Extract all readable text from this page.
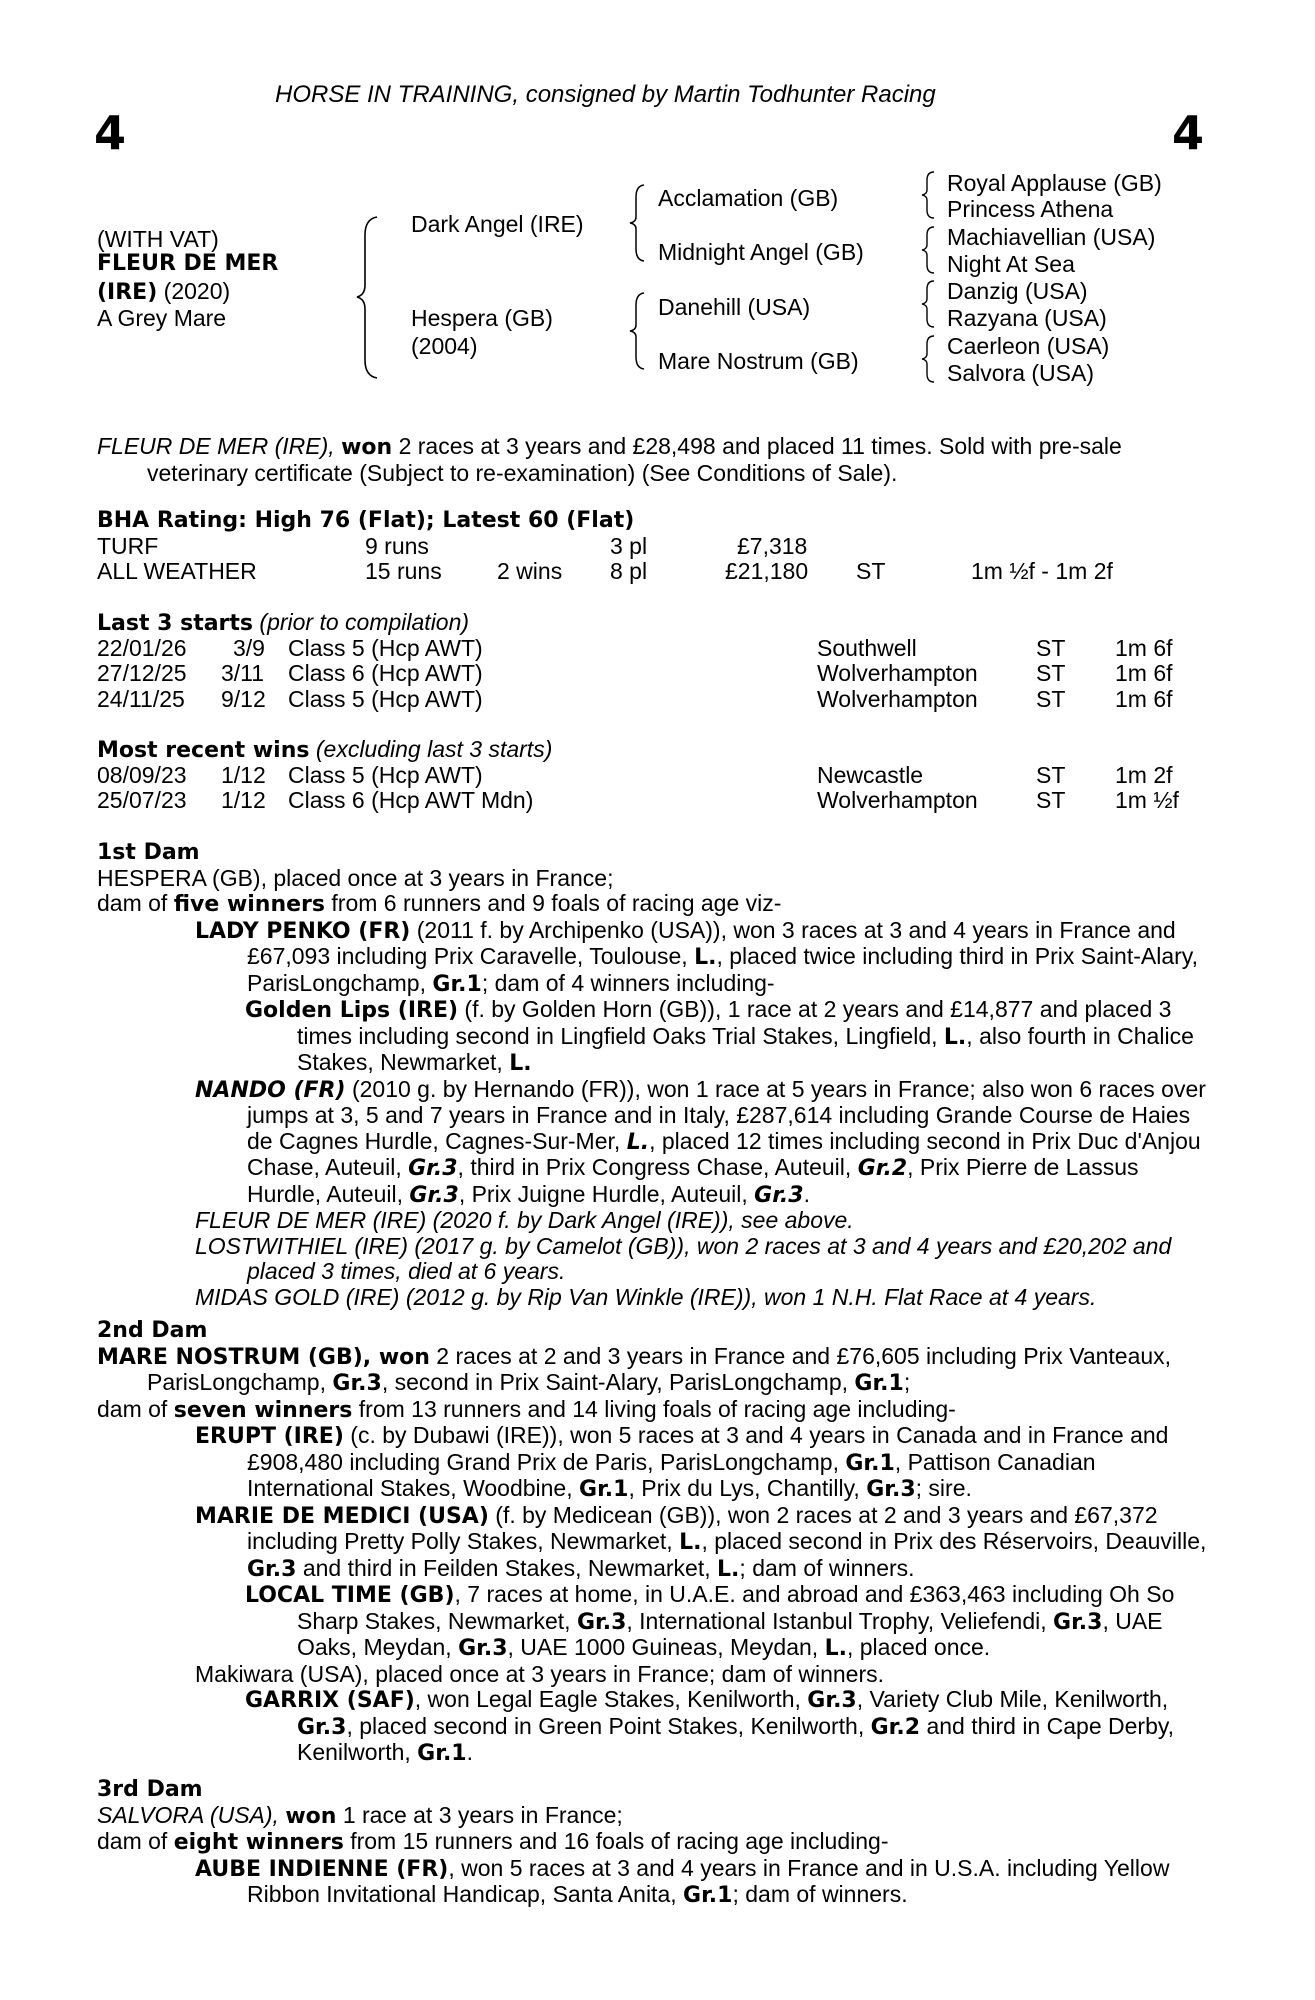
HORSE IN TRAINING, consigned by Martin Todhunter Racing
4	4
(WITH VAT)
FLEUR DE MER
(IRE) (2020)
A Grey Mare
Dark Angel (IRE)
Hespera (GB)
(2004)
Acclamation (GB)
Midnight Angel (GB)
Danehill (USA)
Mare Nostrum (GB)
Royal Applause (GB)
Princess Athena
Machiavellian (USA)
Night At Sea
Danzig (USA)
Razyana (USA)
Caerleon (USA)
Salvora (USA)

FLEUR DE MER (IRE), won 2 races at 3 years and £28,498 and placed 11 times. Sold with pre-sale veterinary certificate (Subject to re-examination) (See Conditions of Sale).

BHA Rating: High 76 (Flat); Latest 60 (Flat)
TURF	9 runs	3 pl	£7,318
ALL WEATHER	15 runs 2 wins 8 pl	£21,180 ST	1m ½f - 1m 2f
Last 3 starts (prior to compilation)
22/01/26 3/9 Class 5 (Hcp AWT)	Southwell	ST 1m 6f
27/12/25 3/11 Class 6 (Hcp AWT)	Wolverhampton	ST 1m 6f
24/11/25 9/12 Class 5 (Hcp AWT)	Wolverhampton	ST 1m 6f
Most recent wins (excluding last 3 starts)
08/09/23 1/12 Class 5 (Hcp AWT)	Newcastle	ST 1m 2f
25/07/23 1/12 Class 6 (Hcp AWT Mdn)	Wolverhampton	ST 1m ½f

1st Dam

HESPERA (GB), placed once at 3 years in France;

dam of five winners from 6 runners and 9 foals of racing age viz-

LADY PENKO (FR) (2011 f. by Archipenko (USA)), won 3 races at 3 and 4 years in France and £67,093 including Prix Caravelle, Toulouse, L., placed twice including third in Prix Saint-Alary, ParisLongchamp, Gr.1; dam of 4 winners including-

Golden Lips (IRE) (f. by Golden Horn (GB)), 1 race at 2 years and £14,877 and placed 3 times including second in Lingfield Oaks Trial Stakes, Lingfield, L., also fourth in Chalice Stakes, Newmarket, L.

NANDO (FR) (2010 g. by Hernando (FR)), won 1 race at 5 years in France; also won 6 races over jumps at 3, 5 and 7 years in France and in Italy, £287,614 including Grande Course de Haies de Cagnes Hurdle, Cagnes-Sur-Mer, L., placed 12 times including second in Prix Duc d'Anjou Chase, Auteuil, Gr.3, third in Prix Congress Chase, Auteuil, Gr.2, Prix Pierre de Lassus Hurdle, Auteuil, Gr.3, Prix Juigne Hurdle, Auteuil, Gr.3.

FLEUR DE MER (IRE) (2020 f. by Dark Angel (IRE)), see above.

LOSTWITHIEL (IRE) (2017 g. by Camelot (GB)), won 2 races at 3 and 4 years and £20,202 and placed 3 times, died at 6 years.

MIDAS GOLD (IRE) (2012 g. by Rip Van Winkle (IRE)), won 1 N.H. Flat Race at 4 years.

2nd Dam

MARE NOSTRUM (GB), won 2 races at 2 and 3 years in France and £76,605 including Prix Vanteaux, ParisLongchamp, Gr.3, second in Prix Saint-Alary, ParisLongchamp, Gr.1;

dam of seven winners from 13 runners and 14 living foals of racing age including-

ERUPT (IRE) (c. by Dubawi (IRE)), won 5 races at 3 and 4 years in Canada and in France and £908,480 including Grand Prix de Paris, ParisLongchamp, Gr.1, Pattison Canadian International Stakes, Woodbine, Gr.1, Prix du Lys, Chantilly, Gr.3; sire.

MARIE DE MEDICI (USA) (f. by Medicean (GB)), won 2 races at 2 and 3 years and £67,372 including Pretty Polly Stakes, Newmarket, L., placed second in Prix des Réservoirs, Deauville, Gr.3 and third in Feilden Stakes, Newmarket, L.; dam of winners.

LOCAL TIME (GB), 7 races at home, in U.A.E. and abroad and £363,463 including Oh So Sharp Stakes, Newmarket, Gr.3, International Istanbul Trophy, Veliefendi, Gr.3, UAE Oaks, Meydan, Gr.3, UAE 1000 Guineas, Meydan, L., placed once.

Makiwara (USA), placed once at 3 years in France; dam of winners.

GARRIX (SAF), won Legal Eagle Stakes, Kenilworth, Gr.3, Variety Club Mile, Kenilworth, Gr.3, placed second in Green Point Stakes, Kenilworth, Gr.2 and third in Cape Derby, Kenilworth, Gr.1.

3rd Dam

SALVORA (USA), won 1 race at 3 years in France;

dam of eight winners from 15 runners and 16 foals of racing age including-

AUBE INDIENNE (FR), won 5 races at 3 and 4 years in France and in U.S.A. including Yellow Ribbon Invitational Handicap, Santa Anita, Gr.1; dam of winners.
